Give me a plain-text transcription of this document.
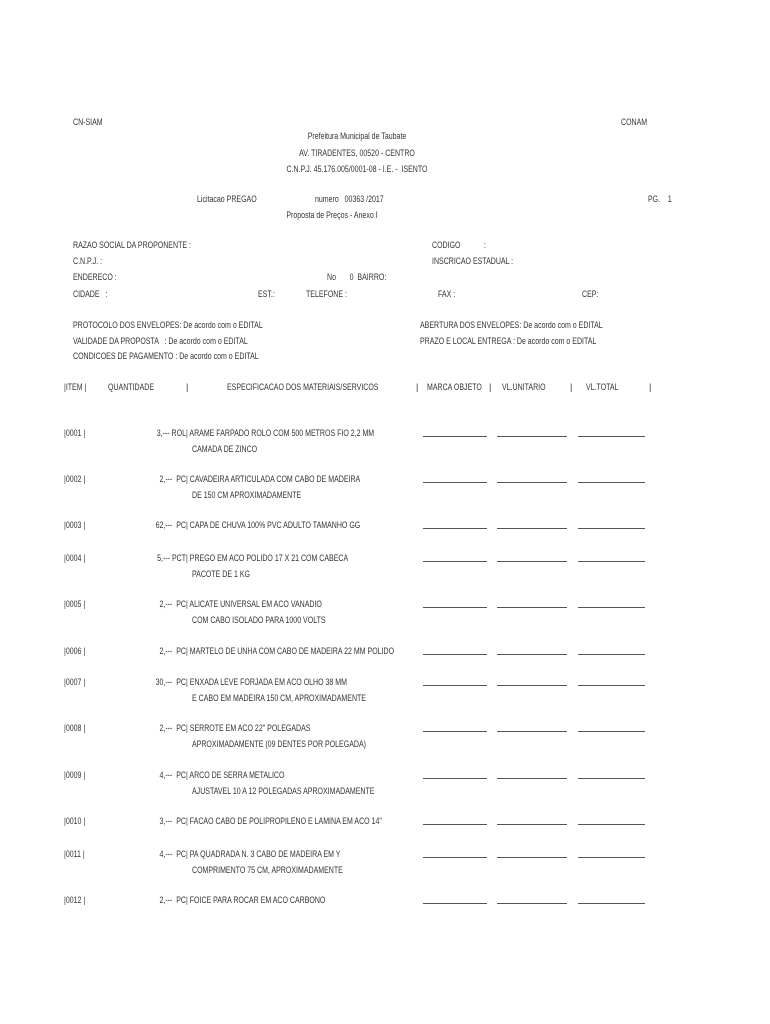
CN-SIAM	CONAM
Prefeitura Municipal de Taubate
AV. TIRADENTES, 00520 - CENTRO
C.N.P.J. 45.176.005/0001-08 - I.E. -  ISENTO
Licitacao PREGAO	numero   00363 /2017	PG.    1
Proposta de Preços - Anexo I
RAZAO SOCIAL DA PROPONENTE :	CODIGO            :
C.N.P.J. :	INSCRICAO ESTADUAL :
ENDERECO :	No       0  BAIRRO:
CIDADE   :	EST.:	TELEFONE :	FAX :	CEP:
PROTOCOLO DOS ENVELOPES: De acordo com o EDITAL	ABERTURA DOS ENVELOPES: De acordo com o EDITAL
VALIDADE DA PROPOSTA   : De acordo com o EDITAL	PRAZO E LOCAL ENTREGA : De acordo com o EDITAL
CONDICOES DE PAGAMENTO : De acordo com o EDITAL
|ITEM | QUANTIDADE	|	ESPECIFICACAO DOS MATERIAIS/SERVICOS	| MARCA OBJETO | VL.UNITARIO	| VL.TOTAL	|
|0001 |	3,--- ROL | ARAME FARPADO ROLO COM 500 METROS FIO 2,2 MM
CAMADA DE ZINCO
|0002 |	2,---  PC | CAVADEIRA ARTICULADA COM CABO DE MADEIRA
DE 150 CM APROXIMADAMENTE
|0003 |	62,---  PC | CAPA DE CHUVA 100% PVC ADULTO TAMANHO GG
|0004 |	5,--- PCT | PREGO EM ACO POLIDO 17 X 21 COM CABECA
PACOTE DE 1 KG
|0005 |	2,---  PC | ALICATE UNIVERSAL EM ACO VANADIO
COM CABO ISOLADO PARA 1000 VOLTS
|0006 |	2,---  PC | MARTELO DE UNHA COM CABO DE MADEIRA 22 MM POLIDO
|0007 |	30,---  PC | ENXADA LEVE FORJADA EM ACO OLHO 38 MM
E CABO EM MADEIRA 150 CM, APROXIMADAMENTE
|0008 |	2,---  PC | SERROTE EM ACO 22" POLEGADAS
APROXIMADAMENTE (09 DENTES POR POLEGADA)
|0009 |	4,---  PC | ARCO DE SERRA METALICO
AJUSTAVEL 10 A 12 POLEGADAS APROXIMADAMENTE
|0010 |	3,---  PC | FACAO CABO DE POLIPROPILENO E LAMINA EM ACO 14"
|0011 |	4,---  PC | PA QUADRADA N. 3 CABO DE MADEIRA EM Y
COMPRIMENTO 75 CM, APROXIMADAMENTE
|0012 |	2,---  PC | FOICE PARA ROCAR EM ACO CARBONO
